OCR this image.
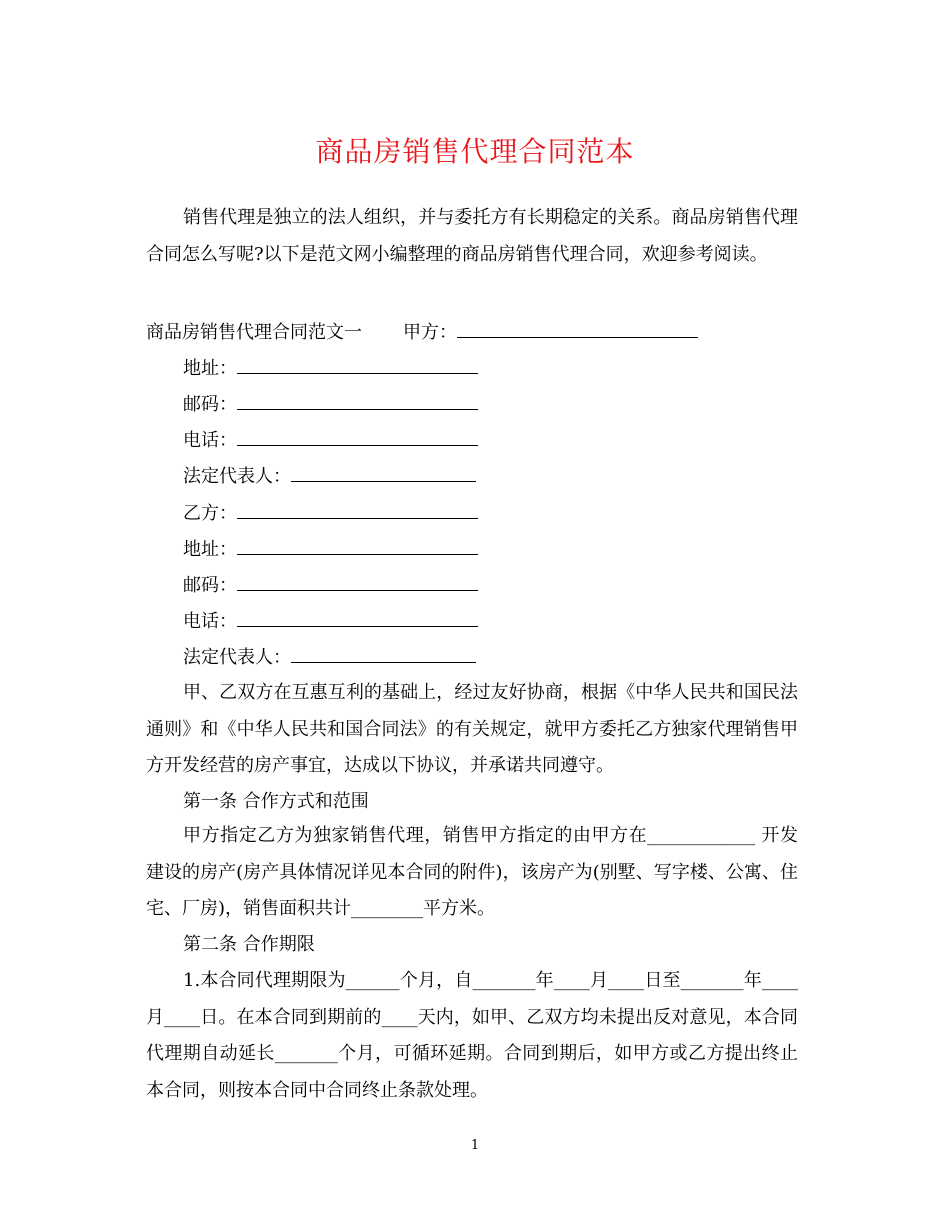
商品房销售代理合同范本

销售代理是独立的法人组织，并与委托方有长期稳定的关系。商品房销售代理合同怎么写呢?以下是范文网小编整理的商品房销售代理合同，欢迎参考阅读。

商品房销售代理合同范文一 甲方：
地址：
邮码：
电话：
法定代表人：
乙方：
地址：
邮码：
电话：
法定代表人：

甲、乙双方在互惠互利的基础上，经过友好协商，根据《中华人民共和国民法通则》和《中华人民共和国合同法》的有关规定，就甲方委托乙方独家代理销售甲方开发经营的房产事宜，达成以下协议，并承诺共同遵守。

第一条 合作方式和范围

甲方指定乙方为独家销售代理，销售甲方指定的由甲方在____________ 开发建设的房产(房产具体情况详见本合同的附件)，该房产为(别墅、写字楼、公寓、住宅、厂房)，销售面积共计________平方米。

第二条 合作期限

1.本合同代理期限为______个月，自_______年____月____日至_______年____月____日。在本合同到期前的____天内，如甲、乙双方均未提出反对意见，本合同代理期自动延长_______个月，可循环延期。合同到期后，如甲方或乙方提出终止本合同，则按本合同中合同终止条款处理。

1
